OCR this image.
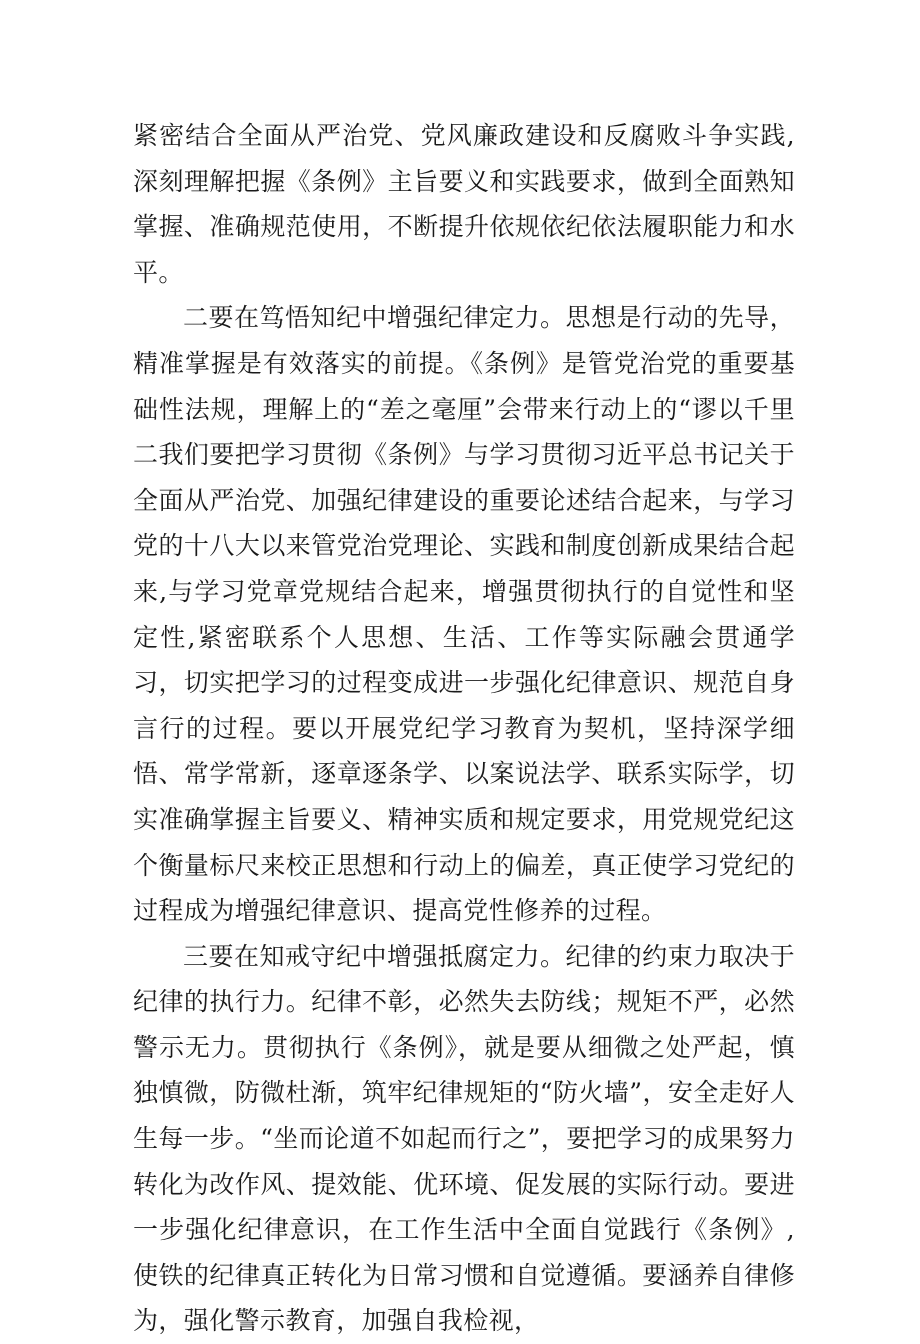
紧密结合全面从严治党、党风廉政建设和反腐败斗争实践,深刻理解把握《条例》主旨要义和实践要求，做到全面熟知掌握、准确规范使用，不断提升依规依纪依法履职能力和水平。

二要在笃悟知纪中增强纪律定力。思想是行动的先导，精准掌握是有效落实的前提。《条例》是管党治党的重要基础性法规，理解上的“差之毫厘”会带来行动上的“谬以千里二我们要把学习贯彻《条例》与学习贯彻习近平总书记关于全面从严治党、加强纪律建设的重要论述结合起来，与学习党的十八大以来管党治党理论、实践和制度创新成果结合起来,与学习党章党规结合起来，增强贯彻执行的自觉性和坚定性,紧密联系个人思想、生活、工作等实际融会贯通学习，切实把学习的过程变成进一步强化纪律意识、规范自身言行的过程。要以开展党纪学习教育为契机，坚持深学细悟、常学常新，逐章逐条学、以案说法学、联系实际学，切实准确掌握主旨要义、精神实质和规定要求，用党规党纪这个衡量标尺来校正思想和行动上的偏差，真正使学习党纪的过程成为增强纪律意识、提高党性修养的过程。

三要在知戒守纪中增强抵腐定力。纪律的约束力取决于纪律的执行力。纪律不彰，必然失去防线；规矩不严，必然警示无力。贯彻执行《条例》，就是要从细微之处严起，慎独慎微，防微杜渐，筑牢纪律规矩的“防火墙”，安全走好人生每一步。“坐而论道不如起而行之”，要把学习的成果努力转化为改作风、提效能、优环境、促发展的实际行动。要进一步强化纪律意识，在工作生活中全面自觉践行《条例》,使铁的纪律真正转化为日常习惯和自觉遵循。要涵养自律修为，强化警示教育，加强自我检视，
